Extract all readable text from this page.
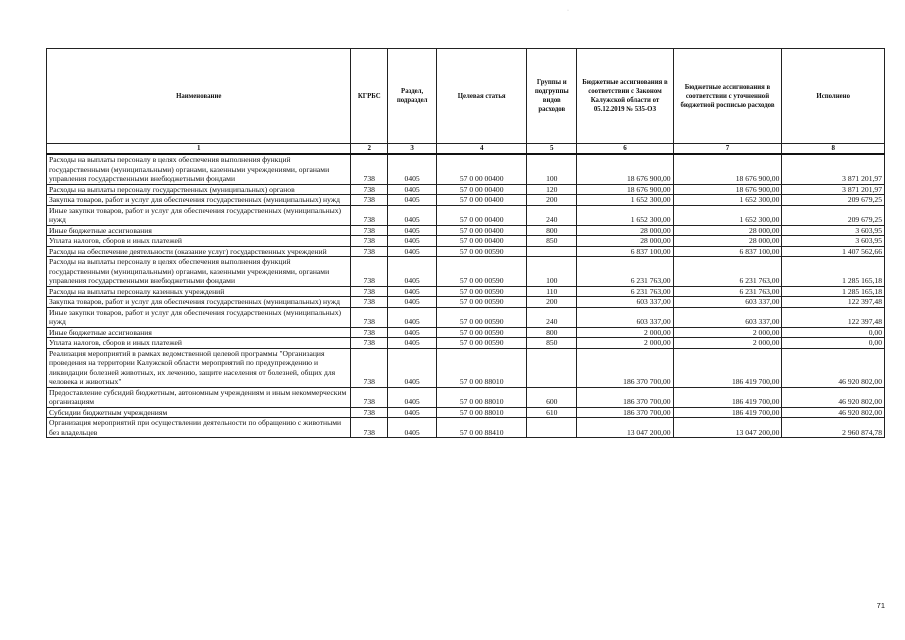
·
Наименование	КГРБС	Раздел, подраздел	Целевая статья	Группы и подгруппы видов расходов	Бюджетные ассигнования в соответствии с Законом Калужской области от 05.12.2019 № 535-ОЗ	Бюджетные ассигнования в соответствии с уточненной бюджетной росписью расходов	Исполнено
1	2	3	4	5	6	7	8
Расходы на выплаты персоналу в целях обеспечения выполнения функций государственными (муниципальными) органами, казенными учреждениями, органами управления государственными внебюджетными фондами	738	0405	57 0 00 00400	100	18 676 900,00	18 676 900,00	3 871 201,97
Расходы на выплаты персоналу государственных (муниципальных) органов	738	0405	57 0 00 00400	120	18 676 900,00	18 676 900,00	3 871 201,97
Закупка товаров, работ и услуг для обеспечения государственных (муниципальных) нужд	738	0405	57 0 00 00400	200	1 652 300,00	1 652 300,00	209 679,25
Иные закупки товаров, работ и услуг для обеспечения государственных (муниципальных) нужд	738	0405	57 0 00 00400	240	1 652 300,00	1 652 300,00	209 679,25
Иные бюджетные ассигнования	738	0405	57 0 00 00400	800	28 000,00	28 000,00	3 603,95
Уплата налогов, сборов и иных платежей	738	0405	57 0 00 00400	850	28 000,00	28 000,00	3 603,95
Расходы на обеспечение деятельности (оказание услуг) государственных учреждений	738	0405	57 0 00 00590		6 837 100,00	6 837 100,00	1 407 562,66
Расходы на выплаты персоналу в целях обеспечения выполнения функций государственными (муниципальными) органами, казенными учреждениями, органами управления государственными внебюджетными фондами	738	0405	57 0 00 00590	100	6 231 763,00	6 231 763,00	1 285 165,18
Расходы на выплаты персоналу казенных учреждений	738	0405	57 0 00 00590	110	6 231 763,00	6 231 763,00	1 285 165,18
Закупка товаров, работ и услуг для обеспечения государственных (муниципальных) нужд	738	0405	57 0 00 00590	200	603 337,00	603 337,00	122 397,48
Иные закупки товаров, работ и услуг для обеспечения государственных (муниципальных) нужд	738	0405	57 0 00 00590	240	603 337,00	603 337,00	122 397,48
Иные бюджетные ассигнования	738	0405	57 0 00 00590	800	2 000,00	2 000,00	0,00
Уплата налогов, сборов и иных платежей	738	0405	57 0 00 00590	850	2 000,00	2 000,00	0,00
Реализация мероприятий в рамках ведомственной целевой программы "Организация проведения на территории Калужской области мероприятий по предупреждению и ликвидации болезней животных, их лечению, защите населения от болезней, общих для человека и животных"	738	0405	57 0 00 88010		186 370 700,00	186 419 700,00	46 920 802,00
Предоставление субсидий бюджетным, автономным учреждениям и иным некоммерческим организациям	738	0405	57 0 00 88010	600	186 370 700,00	186 419 700,00	46 920 802,00
Субсидии бюджетным учреждениям	738	0405	57 0 00 88010	610	186 370 700,00	186 419 700,00	46 920 802,00
Организация мероприятий при осуществлении деятельности по обращению с животными без владельцев	738	0405	57 0 00 88410		13 047 200,00	13 047 200,00	2 960 874,78
71
